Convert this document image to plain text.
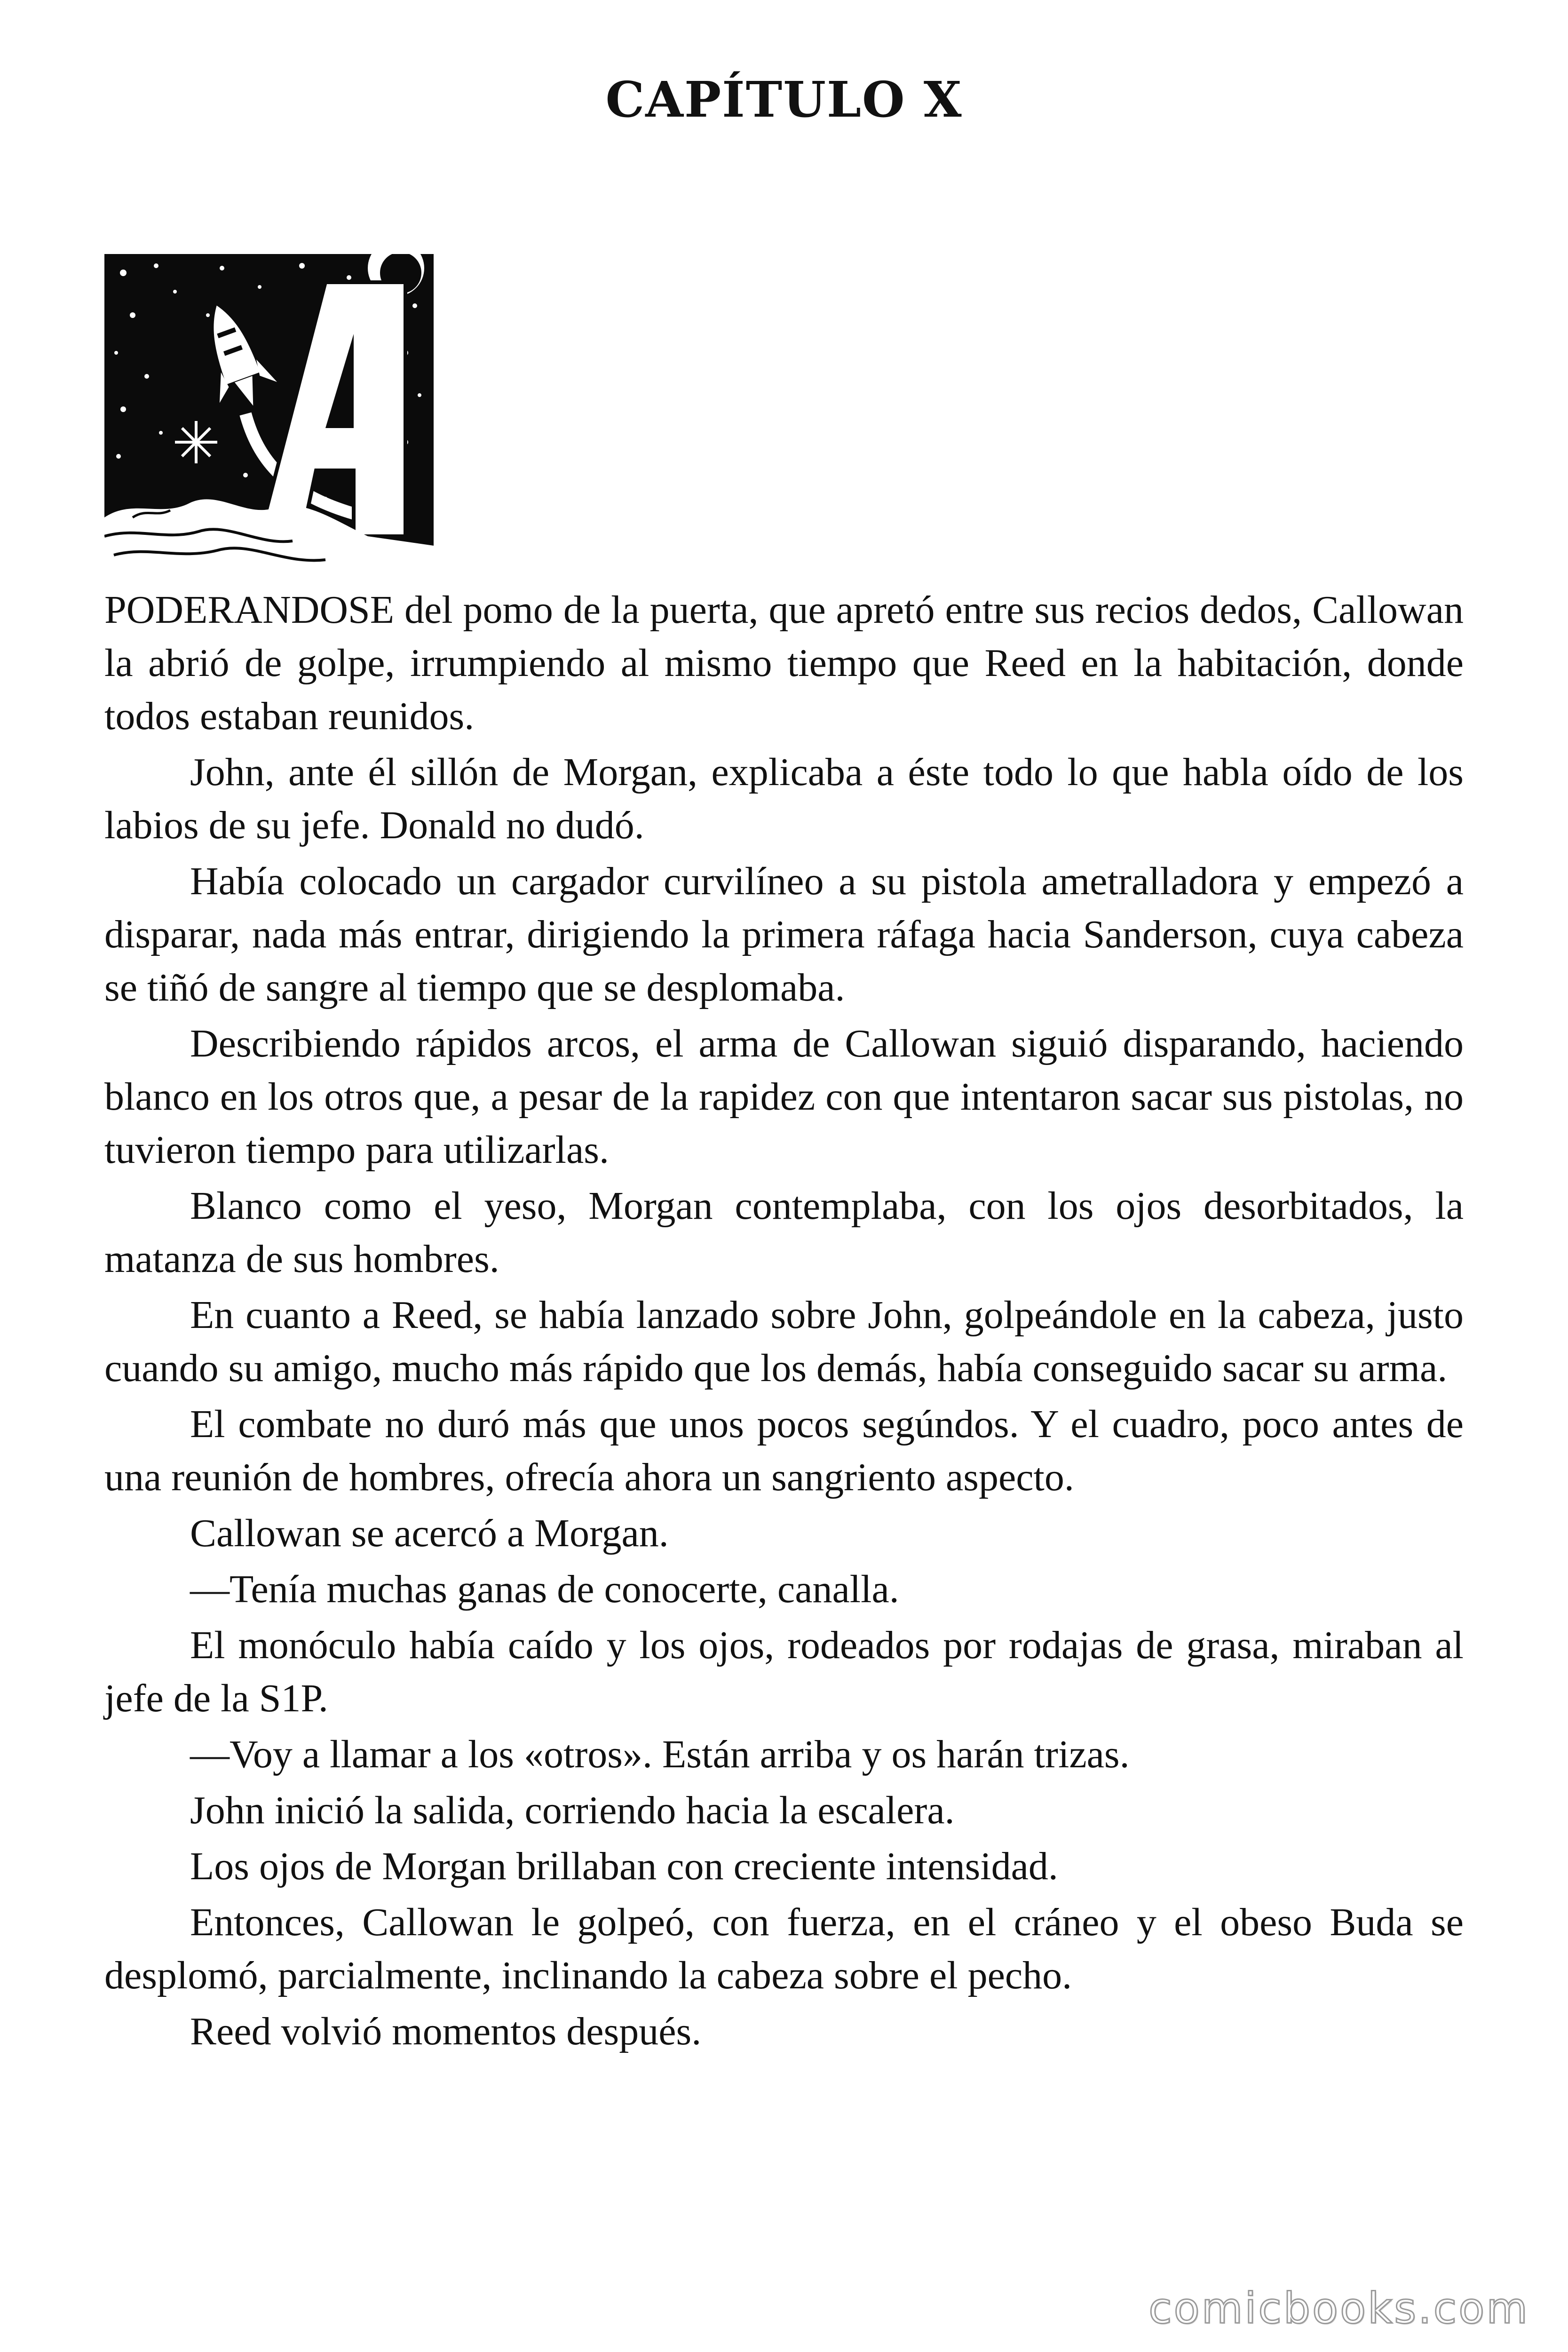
CAPÍTULO X

PODERANDOSE del pomo de la puerta, que apretó entre sus recios dedos, Callowan la abrió de golpe, irrumpiendo al mismo tiempo que Reed en la habitación, donde todos estaban reunidos.

John, ante él sillón de Morgan, explicaba a éste todo lo que habla oído de los labios de su jefe. Donald no dudó.

Había colocado un cargador curvilíneo a su pistola ametralladora y empezó a disparar, nada más entrar, dirigiendo la primera ráfaga hacia Sanderson, cuya cabeza se tiñó de sangre al tiempo que se desplomaba.

Describiendo rápidos arcos, el arma de Callowan siguió disparando, haciendo blanco en los otros que, a pesar de la rapidez con que intentaron sacar sus pistolas, no tuvieron tiempo para utilizarlas.

Blanco como el yeso, Morgan contemplaba, con los ojos desorbitados, la matanza de sus hombres.

En cuanto a Reed, se había lanzado sobre John, golpeándole en la cabeza, justo cuando su amigo, mucho más rápido que los demás, había conseguido sacar su arma.

El combate no duró más que unos pocos segúndos. Y el cuadro, poco antes de una reunión de hombres, ofrecía ahora un sangriento aspecto.

Callowan se acercó a Morgan.

—Tenía muchas ganas de conocerte, canalla.

El monóculo había caído y los ojos, rodeados por rodajas de grasa, miraban al jefe de la S1P.

—Voy a llamar a los «otros». Están arriba y os harán trizas.

John inició la salida, corriendo hacia la escalera.

Los ojos de Morgan brillaban con creciente intensidad.

Entonces, Callowan le golpeó, con fuerza, en el cráneo y el obeso Buda se desplomó, parcialmente, inclinando la cabeza sobre el pecho.

Reed volvió momentos después.

comicbooks.com
